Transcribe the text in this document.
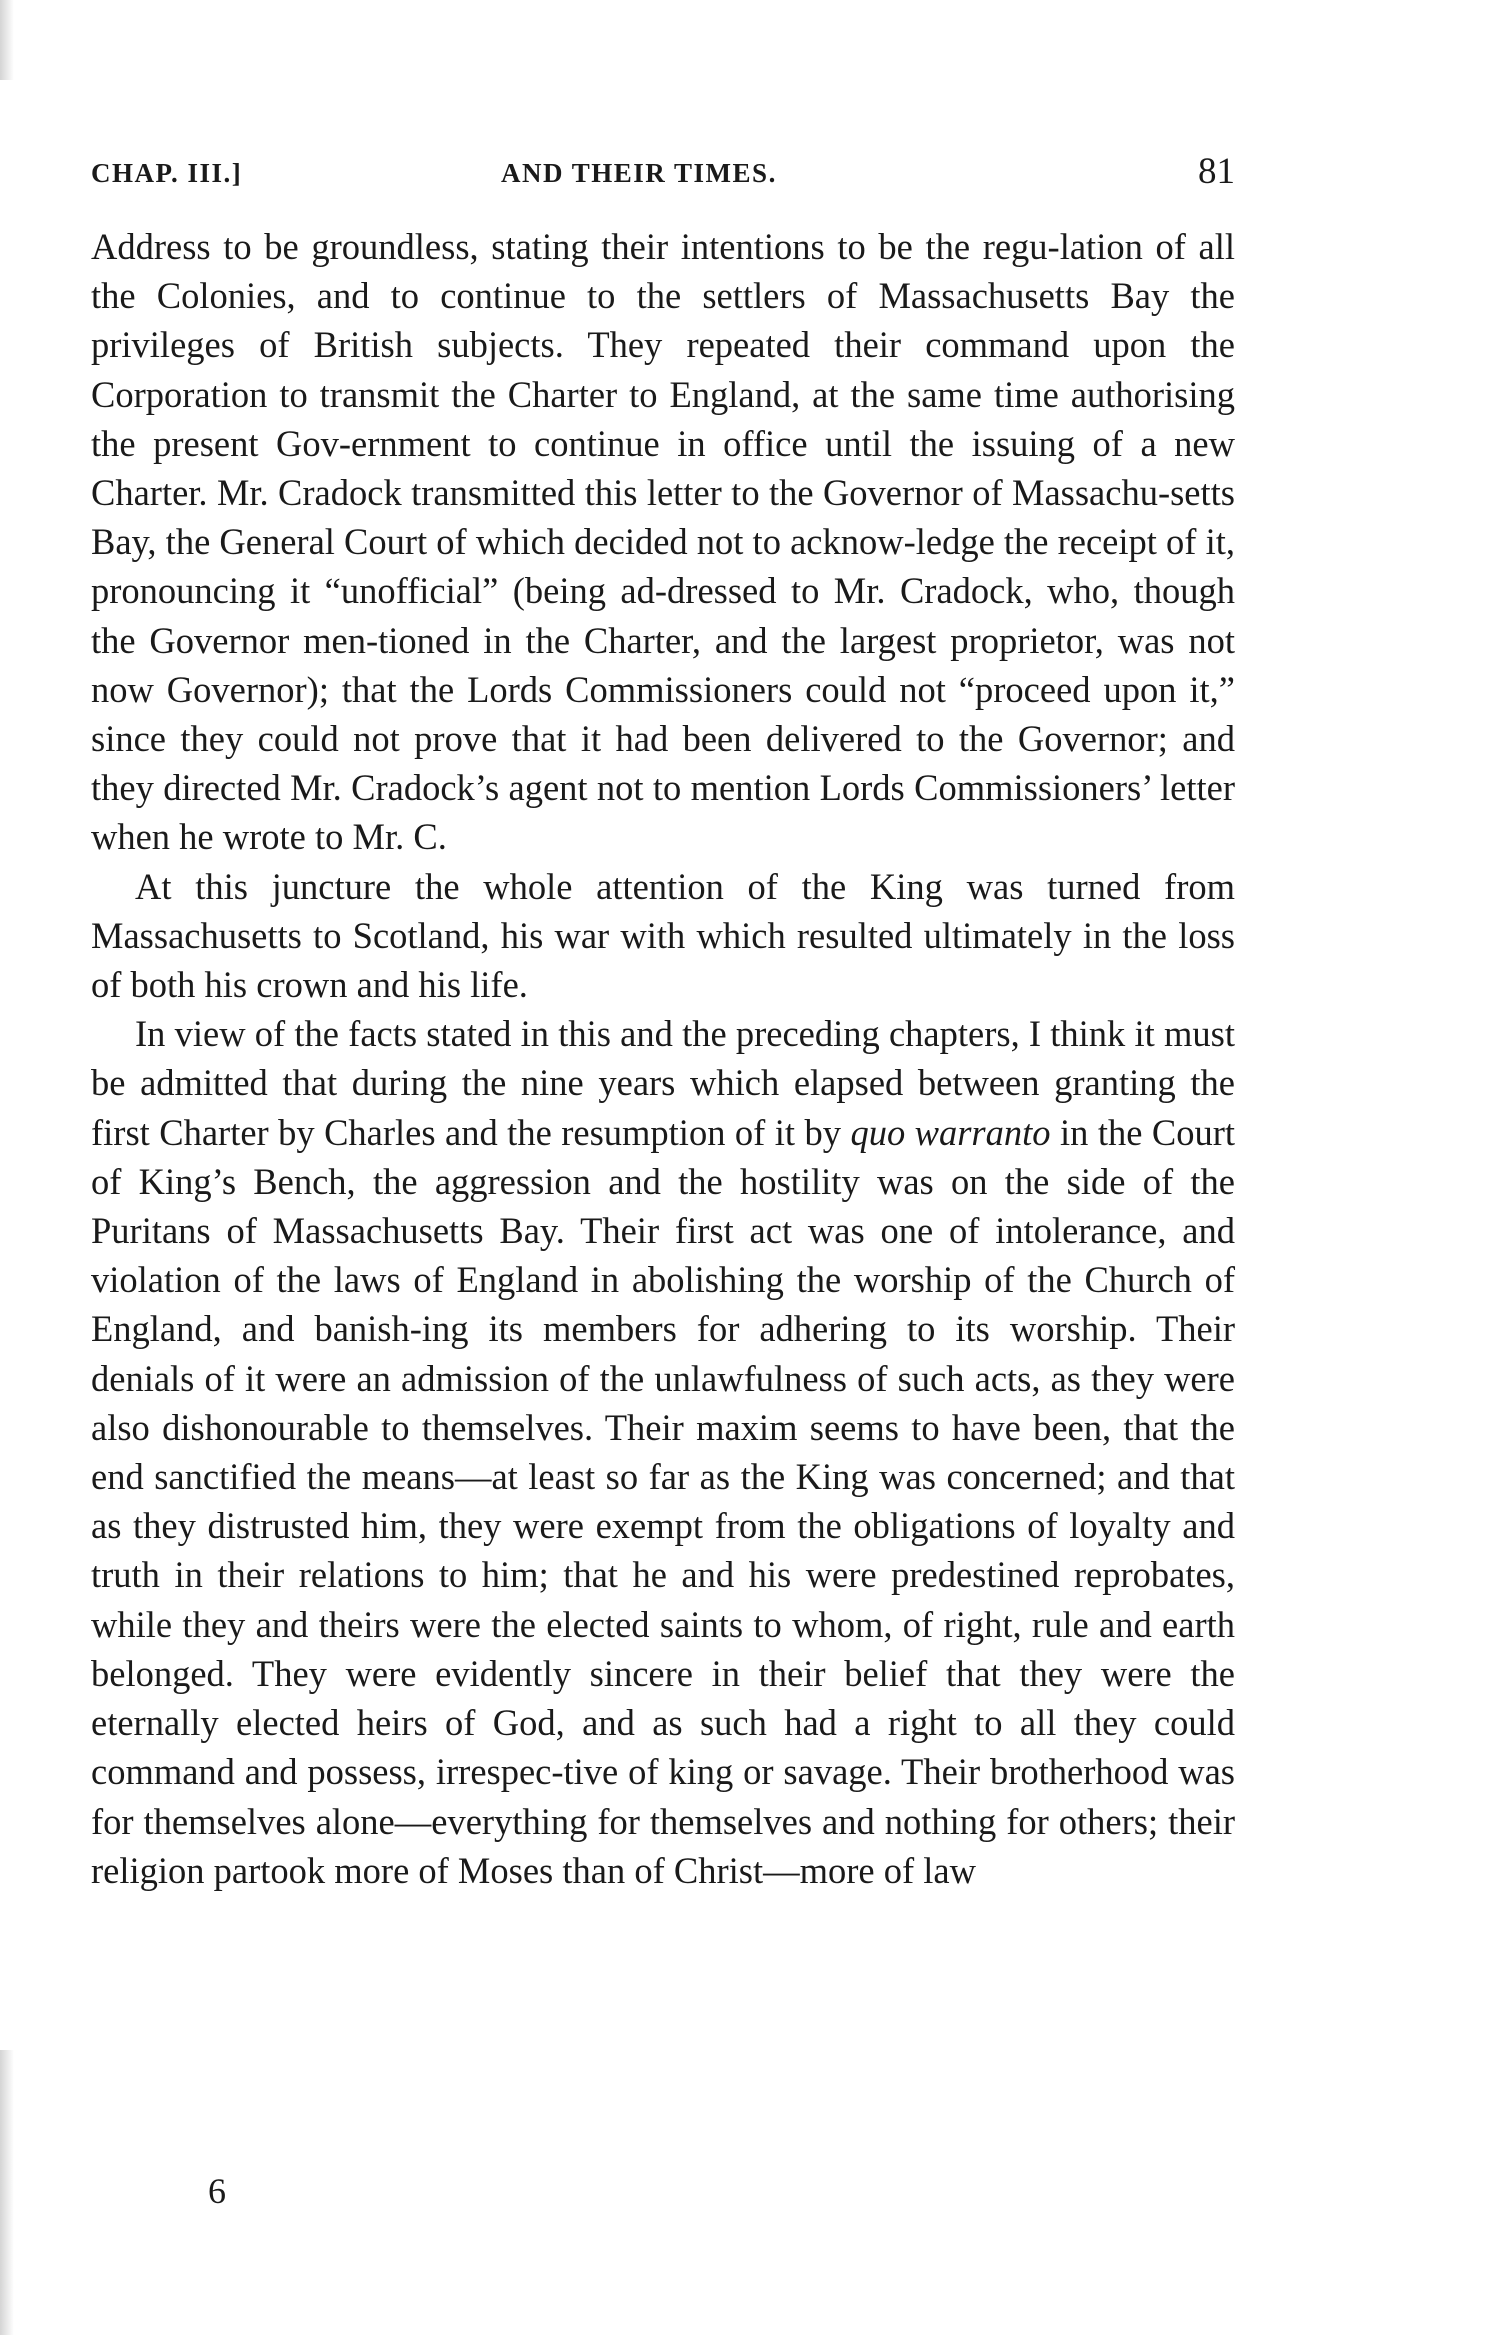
CHAP. III.]	AND THEIR TIMES.	81

Address to be groundless, stating their intentions to be the regu-lation of all the Colonies, and to continue to the settlers of Massachusetts Bay the privileges of British subjects. They repeated their command upon the Corporation to transmit the Charter to England, at the same time authorising the present Gov-ernment to continue in office until the issuing of a new Charter. Mr. Cradock transmitted this letter to the Governor of Massachu-setts Bay, the General Court of which decided not to acknow-ledge the receipt of it, pronouncing it “unofficial” (being ad-dressed to Mr. Cradock, who, though the Governor men-tioned in the Charter, and the largest proprietor, was not now Governor); that the Lords Commissioners could not “proceed upon it,” since they could not prove that it had been delivered to the Governor; and they directed Mr. Cradock’s agent not to mention Lords Commissioners’ letter when he wrote to Mr. C.

At this juncture the whole attention of the King was turned from Massachusetts to Scotland, his war with which resulted ultimately in the loss of both his crown and his life.

In view of the facts stated in this and the preceding chapters, I think it must be admitted that during the nine years which elapsed between granting the first Charter by Charles and the resumption of it by quo warranto in the Court of King’s Bench, the aggression and the hostility was on the side of the Puritans of Massachusetts Bay. Their first act was one of intolerance, and violation of the laws of England in abolishing the worship of the Church of England, and banish-ing its members for adhering to its worship. Their denials of it were an admission of the unlawfulness of such acts, as they were also dishonourable to themselves. Their maxim seems to have been, that the end sanctified the means—at least so far as the King was concerned; and that as they distrusted him, they were exempt from the obligations of loyalty and truth in their relations to him; that he and his were predestined reprobates, while they and theirs were the elected saints to whom, of right, rule and earth belonged. They were evidently sincere in their belief that they were the eternally elected heirs of God, and as such had a right to all they could command and possess, irrespec-tive of king or savage. Their brotherhood was for themselves alone—everything for themselves and nothing for others; their religion partook more of Moses than of Christ—more of law

6
